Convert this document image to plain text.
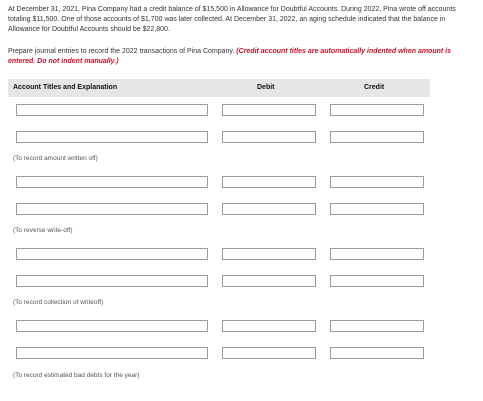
At December 31, 2021, Pina Company had a credit balance of $15,500 in Allowance for Doubtful Accounts. During 2022, Pina wrote off accounts totaling $11,500. One of those accounts of $1,700 was later collected. At December 31, 2022, an aging schedule indicated that the balance in Allowance for Doubtful Accounts should be $22,800.
Prepare journal entries to record the 2022 transactions of Pina Company. (Credit account titles are automatically indented when amount is entered. Do not indent manually.)
Account Titles and Explanation	Debit	Credit
(To record amount written off)
(To reverse write-off)
(To record collection of writeoff)
(To record estimated bad debts for the year)
